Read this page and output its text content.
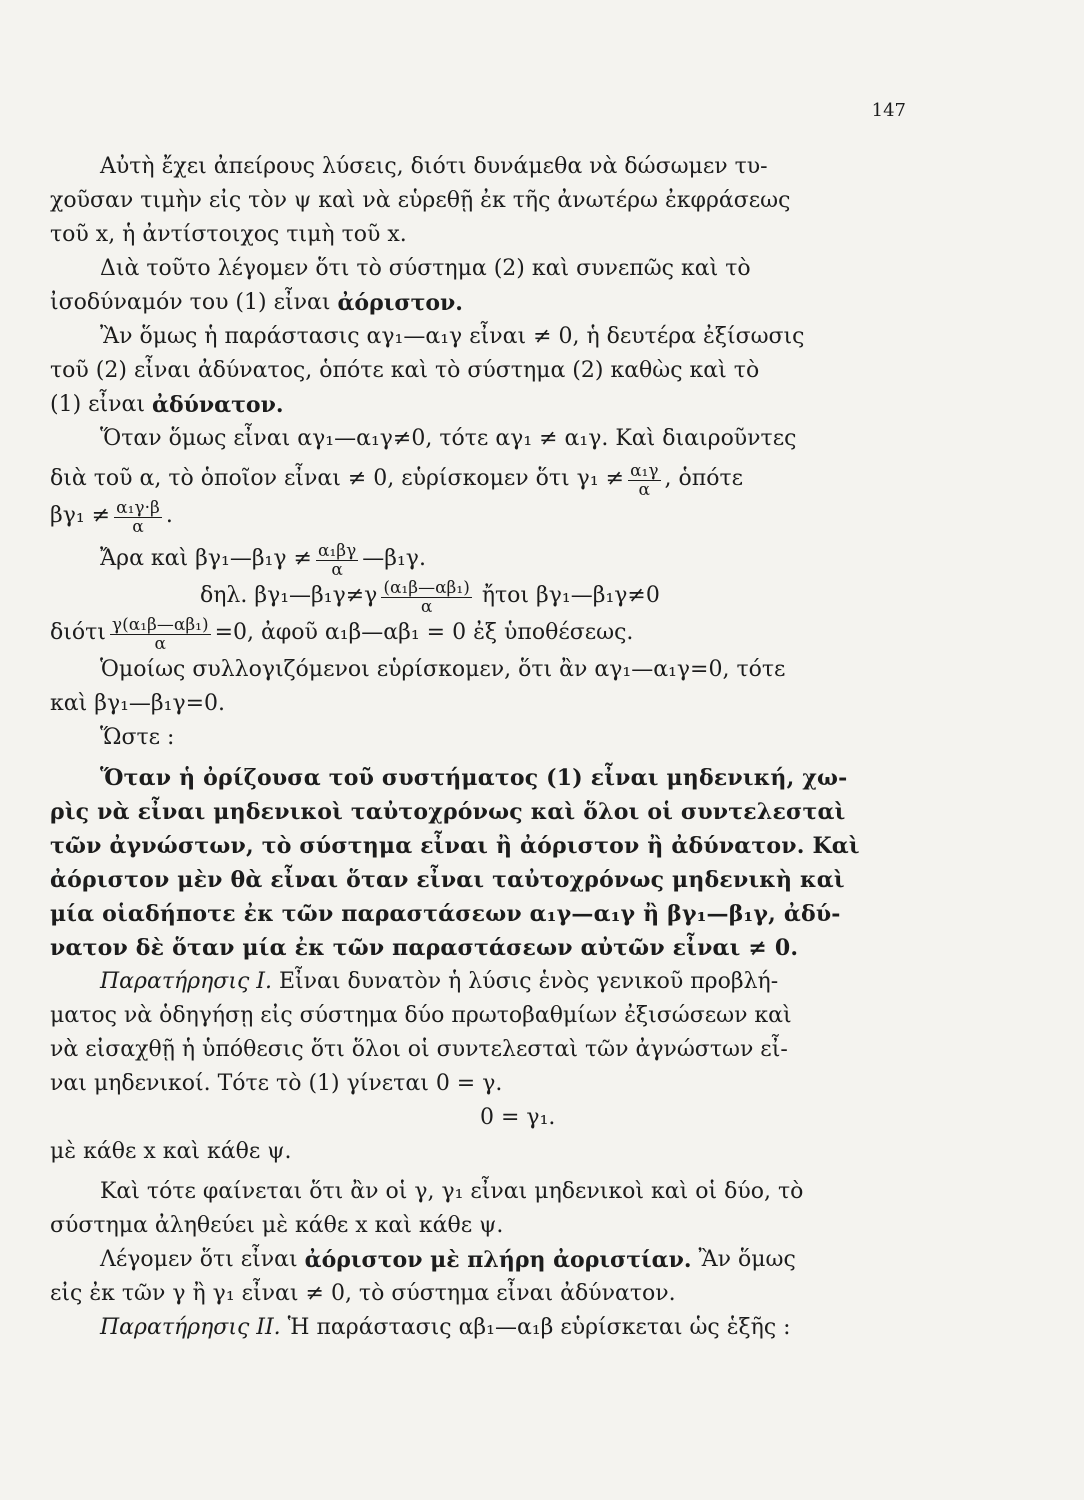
147
Αὐτὴ ἔχει ἀπείρους λύσεις, διότι δυνάμεθα νὰ δώσωμεν τυ-
χοῦσαν τιμὴν εἰς τὸν ψ καὶ νὰ εὑρεθῇ ἐκ τῆς ἀνωτέρω ἐκφράσεως
τοῦ x, ἡ ἀντίστοιχος τιμὴ τοῦ x.
Διὰ τοῦτο λέγομεν ὅτι τὸ σύστημα (2) καὶ συνεπῶς καὶ τὸ
ἰσοδύναμόν του (1) εἶναι ἀόριστον.
Ἂν ὅμως ἡ παράστασις αγ₁—α₁γ εἶναι ≠ 0, ἡ δευτέρα ἐξίσωσις
τοῦ (2) εἶναι ἀδύνατος, ὁπότε καὶ τὸ σύστημα (2) καθὼς καὶ τὸ
(1) εἶναι ἀδύνατον.
Ὅταν ὅμως εἶναι αγ₁—α₁γ≠0, τότε αγ₁ ≠ α₁γ. Καὶ διαιροῦντες
διὰ τοῦ α, τὸ ὁποῖον εἶναι ≠ 0, εὑρίσκομεν ὅτι $\gamma_1 \ne \frac{\text{α₁γ}}{\alpha}$ , ὁπότε
$\beta\gamma_1 \ne \frac{\text{α₁γ·β}}{\alpha}$ .
Ἄρα καὶ βγ₁—β₁γ ≠ $\frac{\text{α₁βγ}}{\alpha}$ —β₁γ.
δηλ. βγ₁—β₁γ≠γ $\frac{\text{(α₁β—αβ₁)}}{\alpha}$ ἤτοι βγ₁—β₁γ≠0
διότι $\frac{\text{γ(α₁β—αβ₁)}}{\alpha} =0$, ἀφοῦ α₁β—αβ₁ = 0 ἐξ ὑποθέσεως.
Ὁμοίως συλλογιζόμενοι εὑρίσκομεν, ὅτι ἂν αγ₁—α₁γ=0, τότε
καὶ βγ₁—β₁γ=0.
Ὥστε :
Ὅταν ἡ ὀρίζουσα τοῦ συστήματος (1) εἶναι μηδενική, χω-
ρὶς νὰ εἶναι μηδενικοὶ ταὐτοχρόνως καὶ ὅλοι οἱ συντελεσταὶ
τῶν ἀγνώστων, τὸ σύστημα εἶναι ἢ ἀόριστον ἢ ἀδύνατον. Καὶ
ἀόριστον μὲν θὰ εἶναι ὅταν εἶναι ταὐτοχρόνως μηδενικὴ καὶ
μία οἱαδήποτε ἐκ τῶν παραστάσεων α₁γ—α₁γ ἢ βγ₁—β₁γ, ἀδύ-
νατον δὲ ὅταν μία ἐκ τῶν παραστάσεων αὐτῶν εἶναι ≠ 0.
Παρατήρησις I. Εἶναι δυνατὸν ἡ λύσις ἑνὸς γενικοῦ προβλή-
ματος νὰ ὁδηγήσῃ εἰς σύστημα δύο πρωτοβαθμίων ἐξισώσεων καὶ
νὰ εἰσαχθῇ ἡ ὑπόθεσις ὅτι ὅλοι οἱ συντελεσταὶ τῶν ἀγνώστων εἶ-
ναι μηδενικοί. Τότε τὸ (1) γίνεται 0 = γ.
0 = γ₁.
μὲ κάθε x καὶ κάθε ψ.
Καὶ τότε φαίνεται ὅτι ἂν οἱ γ, γ₁ εἶναι μηδενικοὶ καὶ οἱ δύο, τὸ
σύστημα ἀληθεύει μὲ κάθε x καὶ κάθε ψ.
Λέγομεν ὅτι εἶναι ἀόριστον μὲ πλήρη ἀοριστίαν. Ἂν ὅμως
εἰς ἐκ τῶν γ ἢ γ₁ εἶναι ≠ 0, τὸ σύστημα εἶναι ἀδύνατον.
Παρατήρησις II. Ἡ παράστασις αβ₁—α₁β εὑρίσκεται ὡς ἑξῆς :
